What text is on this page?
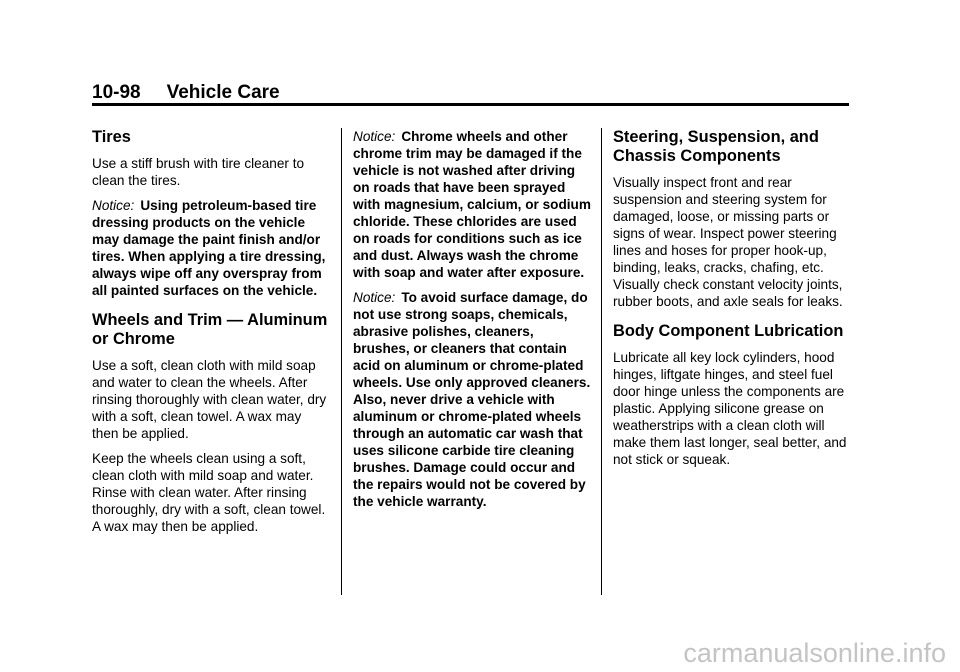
10-98 Vehicle Care
Tires

Use a stiff brush with tire cleaner to clean the tires.

Notice: Using petroleum-based tire dressing products on the vehicle may damage the paint finish and/or tires. When applying a tire dressing, always wipe off any overspray from all painted surfaces on the vehicle.

Wheels and Trim — Aluminum or Chrome

Use a soft, clean cloth with mild soap and water to clean the wheels. After rinsing thoroughly with clean water, dry with a soft, clean towel. A wax may then be applied.

Keep the wheels clean using a soft, clean cloth with mild soap and water. Rinse with clean water. After rinsing thoroughly, dry with a soft, clean towel. A wax may then be applied.

Notice: Chrome wheels and other chrome trim may be damaged if the vehicle is not washed after driving on roads that have been sprayed with magnesium, calcium, or sodium chloride. These chlorides are used on roads for conditions such as ice and dust. Always wash the chrome with soap and water after exposure.

Notice: To avoid surface damage, do not use strong soaps, chemicals, abrasive polishes, cleaners, brushes, or cleaners that contain acid on aluminum or chrome-plated wheels. Use only approved cleaners. Also, never drive a vehicle with aluminum or chrome-plated wheels through an automatic car wash that uses silicone carbide tire cleaning brushes. Damage could occur and the repairs would not be covered by the vehicle warranty.

Steering, Suspension, and Chassis Components

Visually inspect front and rear suspension and steering system for damaged, loose, or missing parts or signs of wear. Inspect power steering lines and hoses for proper hook-up, binding, leaks, cracks, chafing, etc. Visually check constant velocity joints, rubber boots, and axle seals for leaks.

Body Component Lubrication

Lubricate all key lock cylinders, hood hinges, liftgate hinges, and steel fuel door hinge unless the components are plastic. Applying silicone grease on weatherstrips with a clean cloth will make them last longer, seal better, and not stick or squeak.

carmanualsonline.info
